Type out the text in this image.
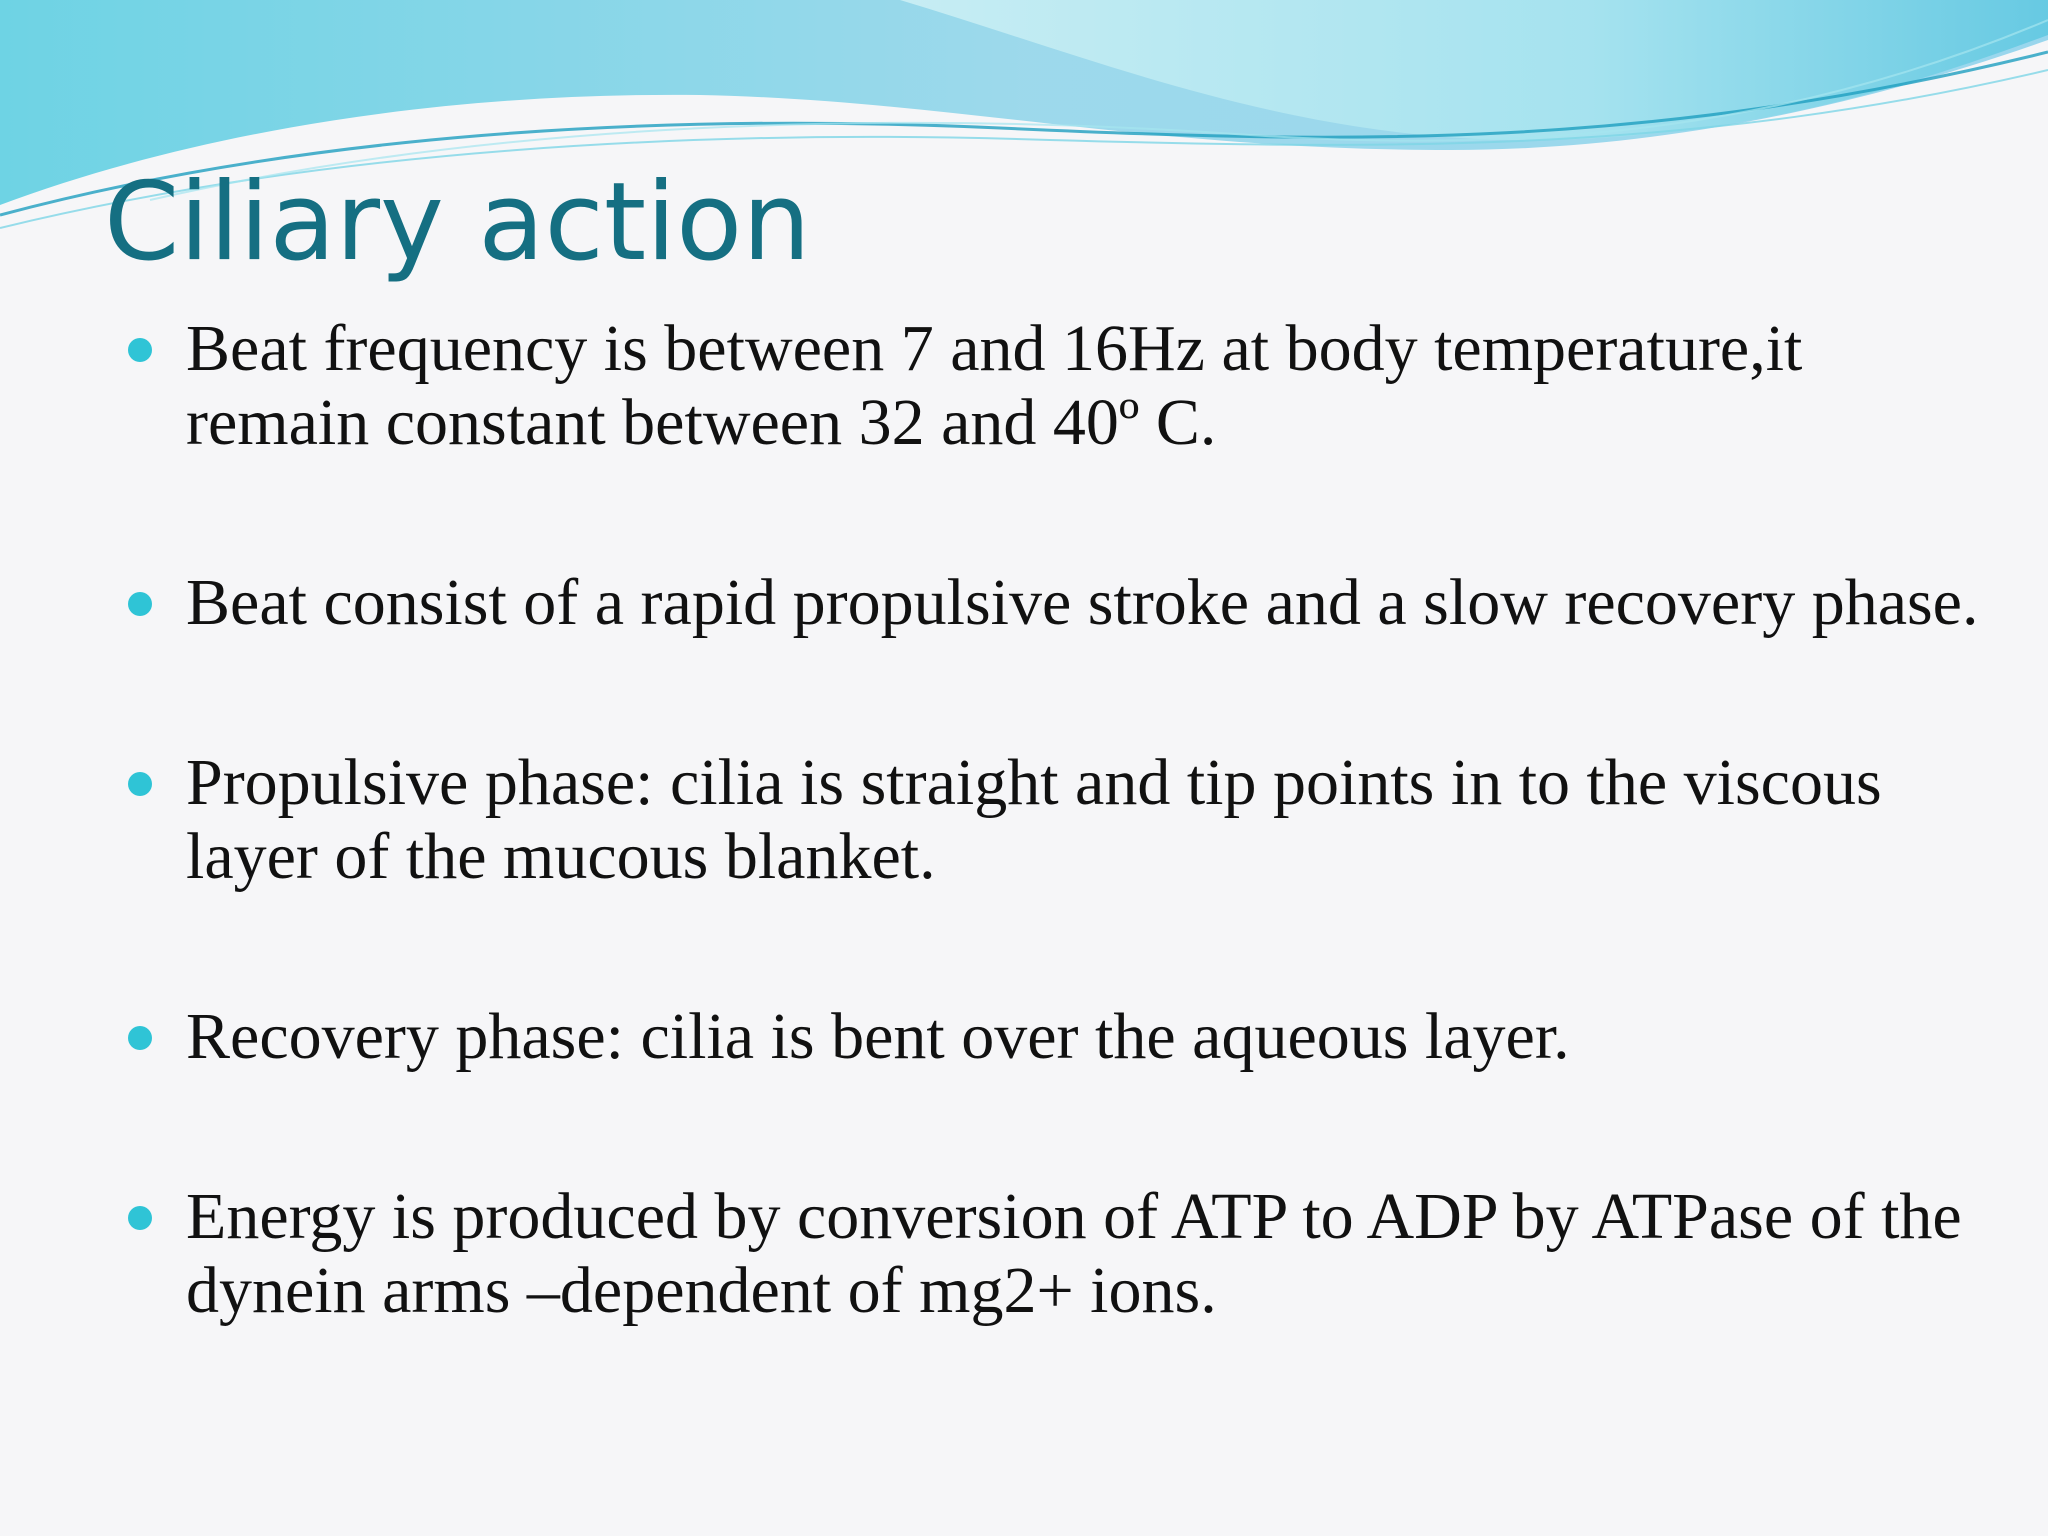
Ciliary action
Beat frequency is between 7 and 16Hz at body temperature,it remain constant between 32 and 40º C.
Beat consist of a rapid propulsive stroke and a slow recovery phase.
Propulsive phase: cilia is straight and tip points in to the viscous layer of the mucous blanket.
Recovery phase: cilia is bent over the aqueous layer.
Energy is produced by conversion of ATP to ADP by ATPase of the dynein arms –dependent of mg2+ ions.
